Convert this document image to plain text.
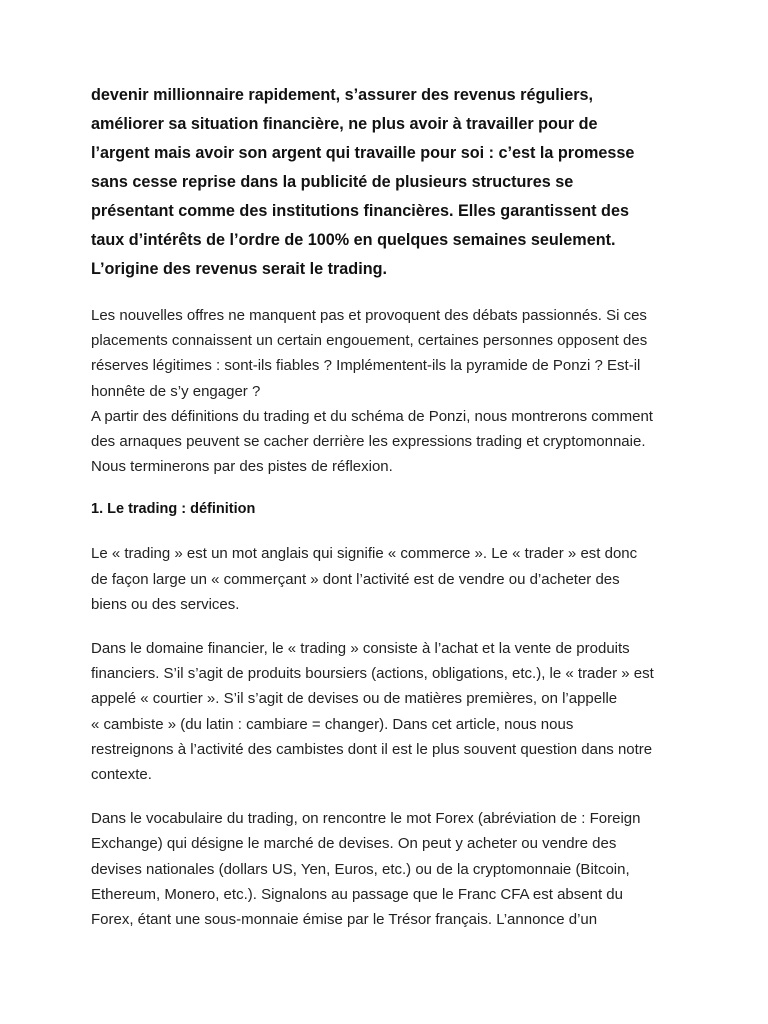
devenir millionnaire rapidement, s’assurer des revenus réguliers,
améliorer sa situation financière, ne plus avoir à travailler pour de
l’argent mais avoir son argent qui travaille pour soi : c’est la promesse
sans cesse reprise dans la publicité de plusieurs structures se
présentant comme des institutions financières. Elles garantissent des
taux d’intérêts de l’ordre de 100% en quelques semaines seulement.
L’origine des revenus serait le trading.
Les nouvelles offres ne manquent pas et provoquent des débats passionnés. Si ces
placements connaissent un certain engouement, certaines personnes opposent des
réserves légitimes : sont-ils fiables ? Implémentent-ils la pyramide de Ponzi ? Est-il
honnête de s’y engager ?
A partir des définitions du trading et du schéma de Ponzi, nous montrerons comment
des arnaques peuvent se cacher derrière les expressions trading et cryptomonnaie.
Nous terminerons par des pistes de réflexion.
1. Le trading : définition
Le « trading » est un mot anglais qui signifie « commerce ». Le « trader » est donc
de façon large un « commerçant » dont l’activité est de vendre ou d’acheter des
biens ou des services.
Dans le domaine financier, le « trading » consiste à l’achat et la vente de produits
financiers. S’il s’agit de produits boursiers (actions, obligations, etc.), le « trader » est
appelé « courtier ». S’il s’agit de devises ou de matières premières, on l’appelle
« cambiste » (du latin : cambiare = changer). Dans cet article, nous nous
restreignons à l’activité des cambistes dont il est le plus souvent question dans notre
contexte.
Dans le vocabulaire du trading, on rencontre le mot Forex (abréviation de : Foreign
Exchange) qui désigne le marché de devises. On peut y acheter ou vendre des
devises nationales (dollars US, Yen, Euros, etc.) ou de la cryptomonnaie (Bitcoin,
Ethereum, Monero, etc.). Signalons au passage que le Franc CFA est absent du
Forex, étant une sous-monnaie émise par le Trésor français. L’annonce d’un
